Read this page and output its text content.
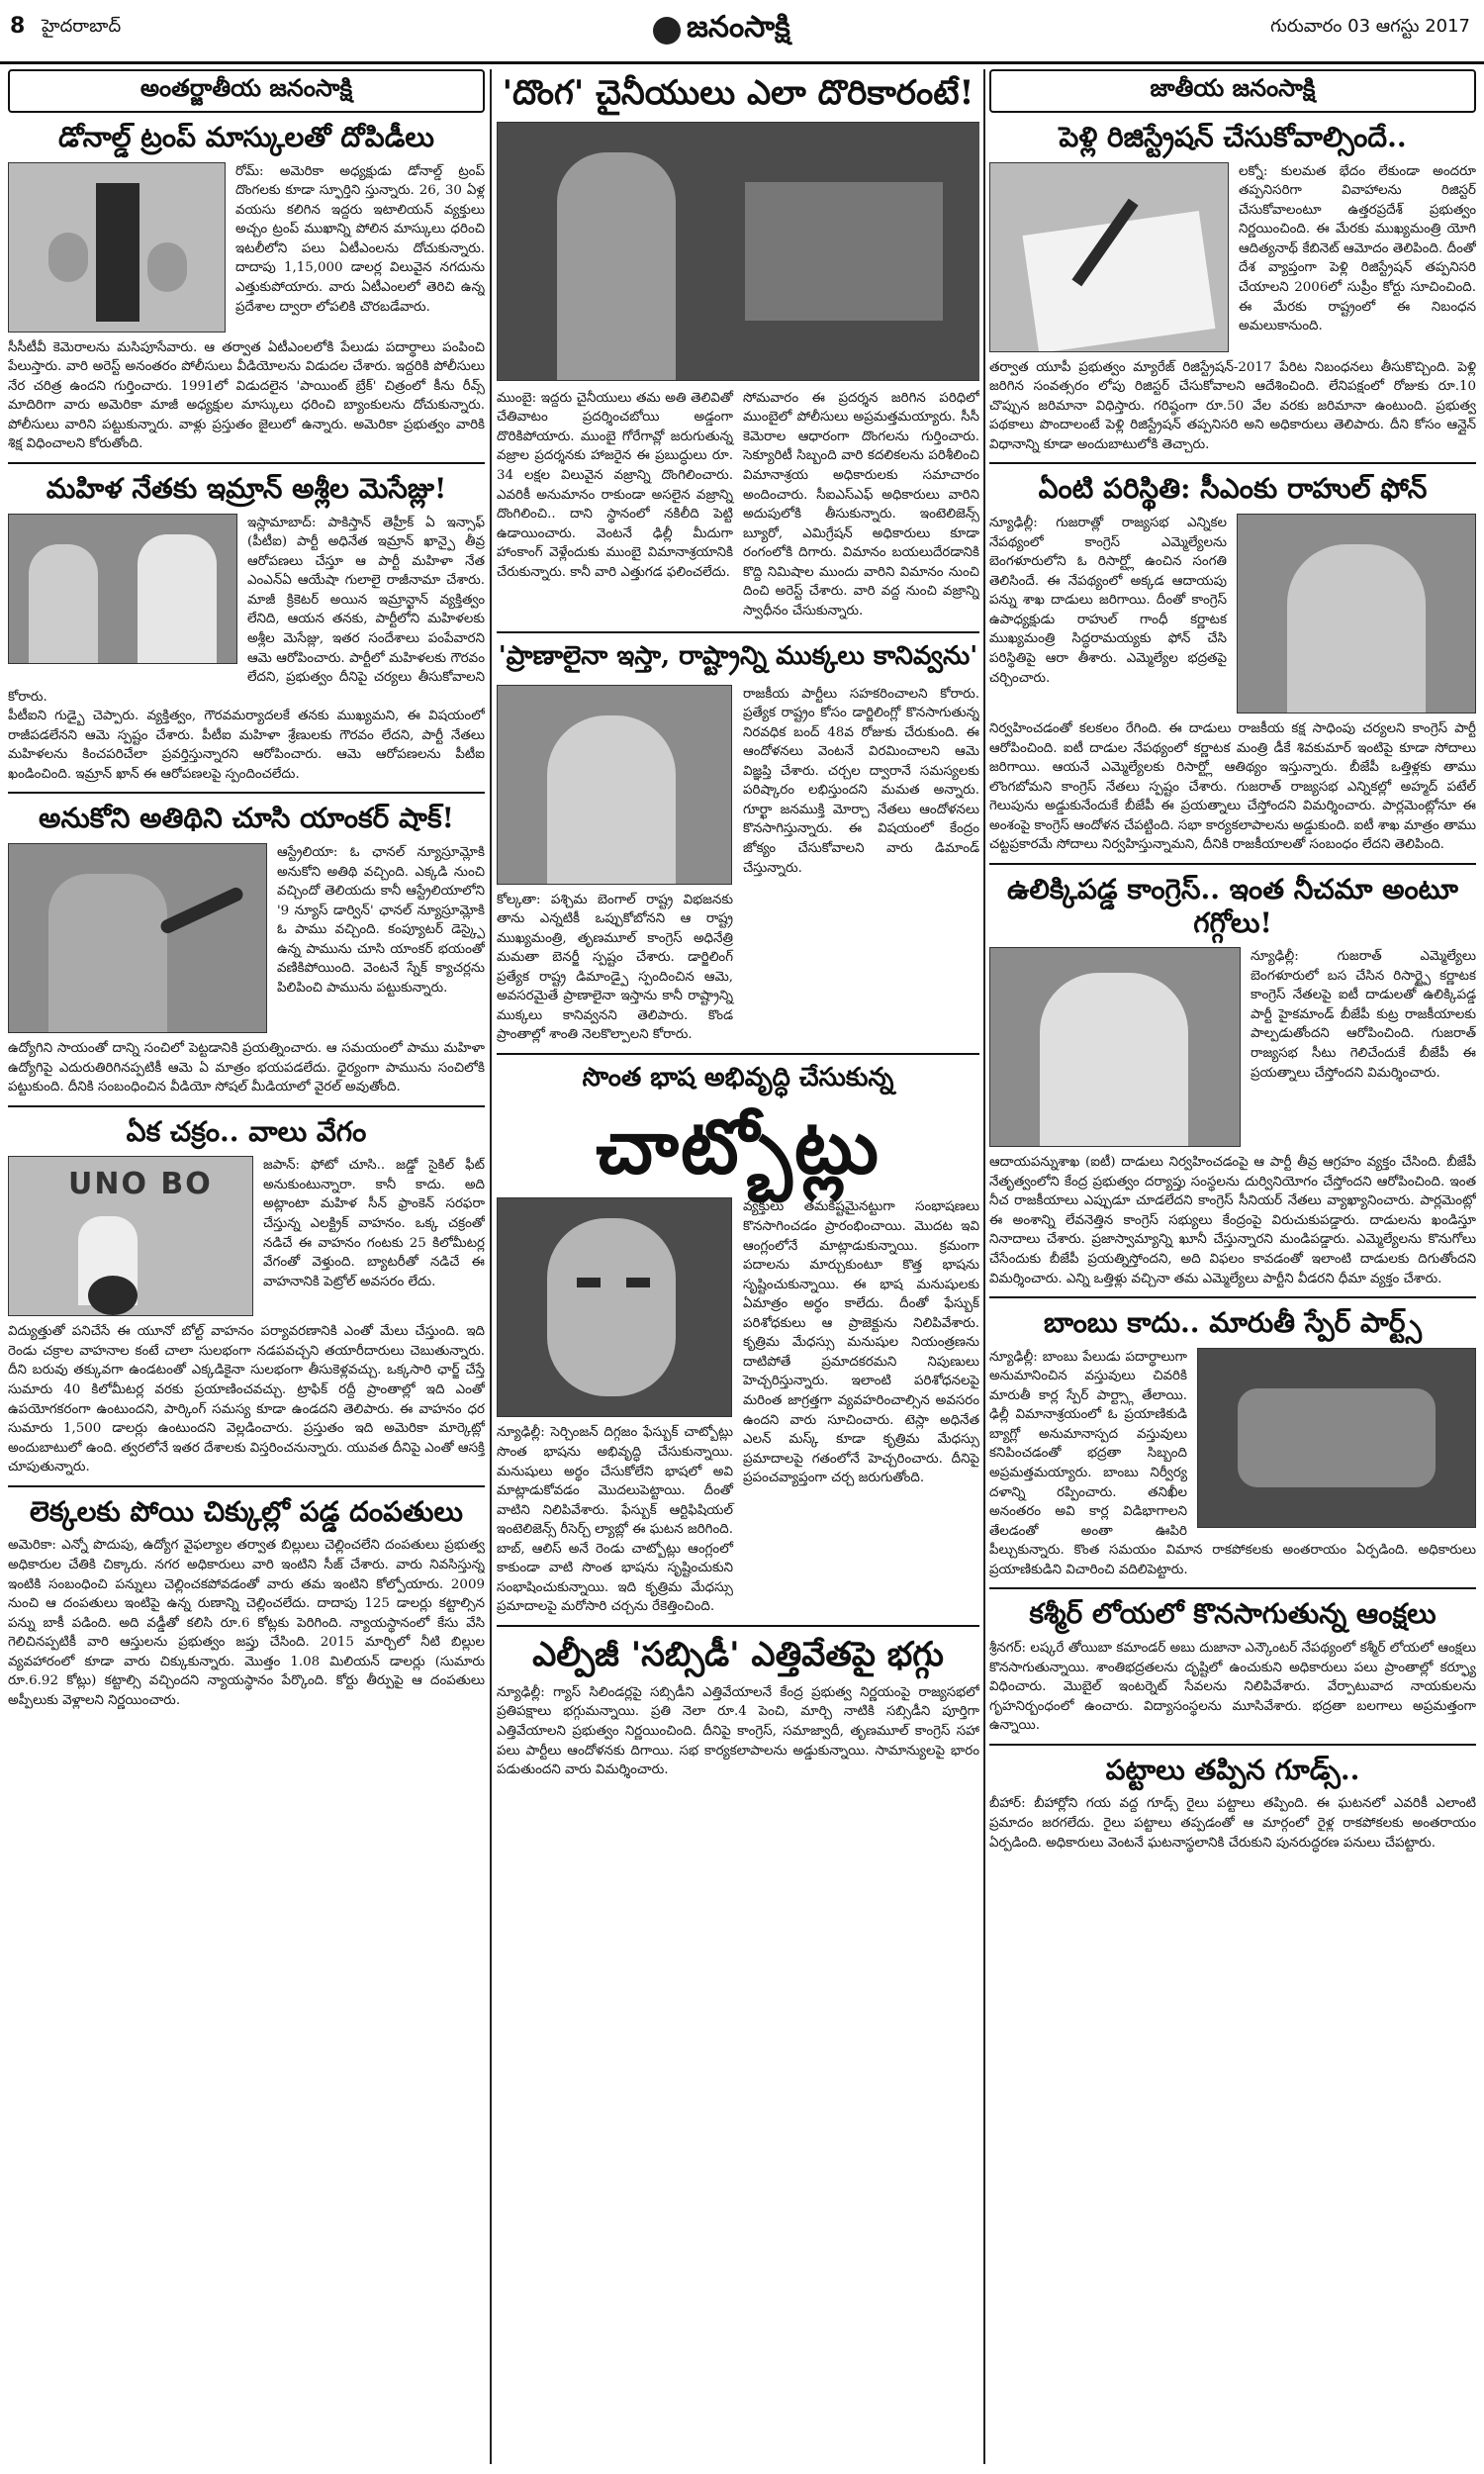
8 హైదరాబాద్	జనంసాక్షి	గురువారం 03 ఆగస్టు 2017
అంతర్జాతీయ జనంసాక్షి
డోనాల్డ్ ట్రంప్ మాస్కులతో దోపిడీలు
రోమ్: అమెరికా అధ్యక్షుడు డోనాల్డ్ ట్రంప్ దొంగలకు కూడా స్ఫూర్తిని స్తున్నారు. 26, 30 ఏళ్ల వయసు కలిగిన ఇద్దరు ఇటాలియన్ వ్యక్తులు అచ్చం ట్రంప్ ముఖాన్ని పోలిన మాస్కులు ధరించి ఇటలీలోని పలు ఏటీఎంలను దోచుకున్నారు. దాదాపు 1,15,000 డాలర్ల విలువైన నగదును ఎత్తుకుపోయారు. వారు ఏటీఎంలలో తెరిచి ఉన్న ప్రదేశాల ద్వారా లోపలికి చొరబడేవారు.
సీసీటీవీ కెమెరాలను మసిపూసేవారు. ఆ తర్వాత ఏటీఎంలలోకి పేలుడు పదార్థాలు పంపించి పేలుస్తారు. వారి అరెస్ట్ అనంతరం పోలీసులు వీడియోలను విడుదల చేశారు. ఇద్దరికి పోలీసులు నేర చరిత్ర ఉందని గుర్తించారు. 1991లో విడుదలైన 'పాయింట్ బ్రేక్' చిత్రంలో కీను రీవ్స్ మాదిరిగా వారు అమెరికా మాజీ అధ్యక్షుల మాస్కులు ధరించి బ్యాంకులను దోచుకున్నారు. పోలీసులు వారిని పట్టుకున్నారు. వాళ్లు ప్రస్తుతం జైలులో ఉన్నారు. అమెరికా ప్రభుత్వం వారికి శిక్ష విధించాలని కోరుతోంది.
మహిళ నేతకు ఇమ్రాన్ అశ్లీల మెసేజ్లు!
ఇస్లామాబాద్: పాకిస్తాన్ తెహ్రీక్ ఏ ఇన్సాఫ్ (పీటీఐ) పార్టీ అధినేత ఇమ్రాన్ ఖాన్పై తీవ్ర ఆరోపణలు చేస్తూ ఆ పార్టీ మహిళా నేత ఎంఎన్ఏ ఆయేషా గులాలై రాజీనామా చేశారు. మాజీ క్రికెటర్ అయిన ఇమ్రాన్ఖాన్ వ్యక్తిత్వం లేనిది, ఆయన తనకు, పార్టీలోని మహిళలకు అశ్లీల మెసేజ్లు, ఇతర సందేశాలు పంపేవారని ఆమె ఆరోపించారు. పార్టీలో మహిళలకు గౌరవం లేదని, ప్రభుత్వం దీనిపై చర్యలు తీసుకోవాలని కోరారు.
పీటీఐని గుడ్బై చెప్పారు. వ్యక్తిత్వం, గౌరవమర్యాదలకే తనకు ముఖ్యమని, ఈ విషయంలో రాజీపడలేనని ఆమె స్పష్టం చేశారు. పీటీఐ మహిళా శ్రేణులకు గౌరవం లేదని, పార్టీ నేతలు మహిళలను కించపరిచేలా ప్రవర్తిస్తున్నారని ఆరోపించారు. ఆమె ఆరోపణలను పీటీఐ ఖండించింది. ఇమ్రాన్ ఖాన్ ఈ ఆరోపణలపై స్పందించలేదు.
అనుకోని అతిథిని చూసి యాంకర్ షాక్!
ఆస్ట్రేలియా: ఓ ఛానల్ న్యూస్రూమ్లోకి అనుకోని అతిథి వచ్చింది. ఎక్కడి నుంచి వచ్చిందో తెలియదు కానీ ఆస్ట్రేలియాలోని '9 న్యూస్ డార్విన్' ఛానల్ న్యూస్రూమ్లోకి ఓ పాము వచ్చింది. కంప్యూటర్ డెస్క్పై ఉన్న పామును చూసి యాంకర్ భయంతో వణికిపోయింది. వెంటనే స్నేక్ క్యాచర్లను పిలిపించి పామును పట్టుకున్నారు.
ఉద్యోగిని సాయంతో దాన్ని సంచిలో పెట్టడానికి ప్రయత్నించారు. ఆ సమయంలో పాము మహిళా ఉద్యోగిపై ఎదురుతిరిగినప్పటికీ ఆమె ఏ మాత్రం భయపడలేదు. ధైర్యంగా పామును సంచిలోకి పట్టుకుంది. దీనికి సంబంధించిన వీడియో సోషల్ మీడియాలో వైరల్ అవుతోంది.
ఏక చక్రం.. వాలు వేగం
UNO BO
జపాన్: ఫోటో చూసి.. జడ్డో సైకిల్ ఫీట్ అనుకుంటున్నారా. కానీ కాదు. అది అట్లాంటా మహిళ సీన్ ఫ్రాంకెన్ సరఫరా చేస్తున్న ఎలక్ట్రిక్ వాహనం. ఒక్క చక్రంతో నడిచే ఈ వాహనం గంటకు 25 కిలోమీటర్ల వేగంతో వెళ్తుంది. బ్యాటరీతో నడిచే ఈ వాహనానికి పెట్రోల్ అవసరం లేదు.
విద్యుత్తుతో పనిచేసే ఈ యూనో బోల్ట్ వాహనం పర్యావరణానికి ఎంతో మేలు చేస్తుంది. ఇది రెండు చక్రాల వాహనాల కంటే చాలా సులభంగా నడపవచ్చని తయారీదారులు చెబుతున్నారు. దీని బరువు తక్కువగా ఉండటంతో ఎక్కడికైనా సులభంగా తీసుకెళ్లవచ్చు. ఒక్కసారి ఛార్జ్ చేస్తే సుమారు 40 కిలోమీటర్ల వరకు ప్రయాణించవచ్చు. ట్రాఫిక్ రద్దీ ప్రాంతాల్లో ఇది ఎంతో ఉపయోగకరంగా ఉంటుందని, పార్కింగ్ సమస్య కూడా ఉండదని తెలిపారు. ఈ వాహనం ధర సుమారు 1,500 డాలర్లు ఉంటుందని వెల్లడించారు. ప్రస్తుతం ఇది అమెరికా మార్కెట్లో అందుబాటులో ఉంది. త్వరలోనే ఇతర దేశాలకు విస్తరించనున్నారు. యువత దీనిపై ఎంతో ఆసక్తి చూపుతున్నారు.
లెక్కలకు పోయి చిక్కుల్లో పడ్డ దంపతులు
అమెరికా: ఎన్నో పొదుపు, ఉద్యోగ వైఫల్యాల తర్వాత బిల్లులు చెల్లించలేని దంపతులు ప్రభుత్వ అధికారుల చేతికి చిక్కారు. నగర అధికారులు వారి ఇంటిని సీజ్ చేశారు. వారు నివసిస్తున్న ఇంటికి సంబంధించి పన్నులు చెల్లించకపోవడంతో వారు తమ ఇంటిని కోల్పోయారు. 2009 నుంచి ఆ దంపతులు ఇంటిపై ఉన్న రుణాన్ని చెల్లించలేదు. దాదాపు 125 డాలర్లు కట్టాల్సిన పన్ను బాకీ పడింది. అది వడ్డీతో కలిసి రూ.6 కోట్లకు పెరిగింది. న్యాయస్థానంలో కేసు వేసి గెలిచినప్పటికీ వారి ఆస్తులను ప్రభుత్వం జప్తు చేసింది. 2015 మార్చిలో నీటి బిల్లుల వ్యవహారంలో కూడా వారు చిక్కుకున్నారు. మొత్తం 1.08 మిలియన్ డాలర్లు (సుమారు రూ.6.92 కోట్లు) కట్టాల్సి వచ్చిందని న్యాయస్థానం పేర్కొంది. కోర్టు తీర్పుపై ఆ దంపతులు అప్పీలుకు వెళ్లాలని నిర్ణయించారు.
'దొంగ' చైనీయులు ఎలా దొరికారంటే!
ముంబై: ఇద్దరు చైనీయులు తమ అతి తెలివితో చేతివాటం ప్రదర్శించబోయి అడ్డంగా దొరికిపోయారు. ముంబై గోరేగావ్లో జరుగుతున్న వజ్రాల ప్రదర్శనకు హాజరైన ఈ ప్రబుద్ధులు రూ. 34 లక్షల విలువైన వజ్రాన్ని దొంగిలించారు. ఎవరికీ అనుమానం రాకుండా అసలైన వజ్రాన్ని దొంగిలించి.. దాని స్థానంలో నకిలీది పెట్టి ఉడాయించారు. వెంటనే ఢిల్లీ మీదుగా హాంకాంగ్ వెళ్లేందుకు ముంబై విమానాశ్రయానికి చేరుకున్నారు. కానీ వారి ఎత్తుగడ ఫలించలేదు.
సోమవారం ఈ ప్రదర్శన జరిగిన పరిధిలో ముంబైలో పోలీసులు అప్రమత్తమయ్యారు. సీసీ కెమెరాల ఆధారంగా దొంగలను గుర్తించారు. సెక్యూరిటీ సిబ్బంది వారి కదలికలను పరిశీలించి విమానాశ్రయ అధికారులకు సమాచారం అందించారు. సీఐఎస్ఎఫ్ అధికారులు వారిని అదుపులోకి తీసుకున్నారు. ఇంటెలిజెన్స్ బ్యూరో, ఎమిగ్రేషన్ అధికారులు కూడా రంగంలోకి దిగారు. విమానం బయలుదేరడానికి కొద్ది నిమిషాల ముందు వారిని విమానం నుంచి దించి అరెస్ట్ చేశారు. వారి వద్ద నుంచి వజ్రాన్ని స్వాధీనం చేసుకున్నారు.
'ప్రాణాలైనా ఇస్తా, రాష్ట్రాన్ని ముక్కలు కానివ్వను'
కోల్కతా: పశ్చిమ బెంగాల్ రాష్ట్ర విభజనకు తాను ఎన్నటికీ ఒప్పుకోబోనని ఆ రాష్ట్ర ముఖ్యమంత్రి, తృణమూల్ కాంగ్రెస్ అధినేత్రి మమతా బెనర్జీ స్పష్టం చేశారు. డార్జిలింగ్ ప్రత్యేక రాష్ట్ర డిమాండ్పై స్పందించిన ఆమె, అవసరమైతే ప్రాణాలైనా ఇస్తాను కానీ రాష్ట్రాన్ని ముక్కలు కానివ్వనని తెలిపారు. కొండ ప్రాంతాల్లో శాంతి నెలకొల్పాలని కోరారు.
రాజకీయ పార్టీలు సహకరించాలని కోరారు. ప్రత్యేక రాష్ట్రం కోసం డార్జిలింగ్లో కొనసాగుతున్న నిరవధిక బంద్ 48వ రోజుకు చేరుకుంది. ఈ ఆందోళనలు వెంటనే విరమించాలని ఆమె విజ్ఞప్తి చేశారు. చర్చల ద్వారానే సమస్యలకు పరిష్కారం లభిస్తుందని మమత అన్నారు. గూర్ఖా జనముక్తి మోర్చా నేతలు ఆందోళనలు కొనసాగిస్తున్నారు. ఈ విషయంలో కేంద్రం జోక్యం చేసుకోవాలని వారు డిమాండ్ చేస్తున్నారు.
సొంత భాష అభివృద్ధి చేసుకున్న
చాట్బోట్లు
న్యూఢిల్లీ: సెర్చింజన్ దిగ్గజం ఫేస్బుక్ చాట్బోట్లు సొంత భాషను అభివృద్ధి చేసుకున్నాయి. మనుషులు అర్థం చేసుకోలేని భాషలో అవి మాట్లాడుకోవడం మొదలుపెట్టాయి. దీంతో వాటిని నిలిపివేశారు. ఫేస్బుక్ ఆర్టిఫిషియల్ ఇంటెలిజెన్స్ రీసెర్చ్ ల్యాబ్లో ఈ ఘటన జరిగింది. బాబ్, ఆలిస్ అనే రెండు చాట్బోట్లు ఆంగ్లంలో కాకుండా వాటి సొంత భాషను సృష్టించుకుని సంభాషించుకున్నాయి. ఇది కృత్రిమ మేధస్సు ప్రమాదాలపై మరోసారి చర్చను రేకెత్తించింది.
వ్యక్తులు తమకిష్టమైనట్టుగా సంభాషణలు కొనసాగించడం ప్రారంభించాయి. మొదట ఇవి ఆంగ్లంలోనే మాట్లాడుకున్నాయి. క్రమంగా పదాలను మార్చుకుంటూ కొత్త భాషను సృష్టించుకున్నాయి. ఈ భాష మనుషులకు ఏమాత్రం అర్థం కాలేదు. దీంతో ఫేస్బుక్ పరిశోధకులు ఆ ప్రాజెక్టును నిలిపివేశారు. కృత్రిమ మేధస్సు మనుషుల నియంత్రణను దాటిపోతే ప్రమాదకరమని నిపుణులు హెచ్చరిస్తున్నారు. ఇలాంటి పరిశోధనలపై మరింత జాగ్రత్తగా వ్యవహరించాల్సిన అవసరం ఉందని వారు సూచించారు. టెస్లా అధినేత ఎలన్ మస్క్ కూడా కృత్రిమ మేధస్సు ప్రమాదాలపై గతంలోనే హెచ్చరించారు. దీనిపై ప్రపంచవ్యాప్తంగా చర్చ జరుగుతోంది.
ఎల్పీజీ 'సబ్సిడీ' ఎత్తివేతపై భగ్గు
న్యూఢిల్లీ: గ్యాస్ సిలిండర్లపై సబ్సిడీని ఎత్తివేయాలనే కేంద్ర ప్రభుత్వ నిర్ణయంపై రాజ్యసభలో ప్రతిపక్షాలు భగ్గుమన్నాయి. ప్రతి నెలా రూ.4 పెంచి, మార్చి నాటికి సబ్సిడీని పూర్తిగా ఎత్తివేయాలని ప్రభుత్వం నిర్ణయించింది. దీనిపై కాంగ్రెస్, సమాజ్వాదీ, తృణమూల్ కాంగ్రెస్ సహా పలు పార్టీలు ఆందోళనకు దిగాయి. సభ కార్యకలాపాలను అడ్డుకున్నాయి. సామాన్యులపై భారం పడుతుందని వారు విమర్శించారు.
జాతీయ జనంసాక్షి
పెళ్లి రిజిస్ట్రేషన్ చేసుకోవాల్సిందే..
లక్నో: కులమత భేదం లేకుండా అందరూ తప్పనిసరిగా వివాహాలను రిజిస్టర్ చేసుకోవాలంటూ ఉత్తరప్రదేశ్ ప్రభుత్వం నిర్ణయించింది. ఈ మేరకు ముఖ్యమంత్రి యోగి ఆదిత్యనాథ్ కేబినెట్ ఆమోదం తెలిపింది. దీంతో దేశ వ్యాప్తంగా పెళ్లి రిజిస్ట్రేషన్ తప్పనిసరి చేయాలని 2006లో సుప్రీం కోర్టు సూచించింది. ఈ మేరకు రాష్ట్రంలో ఈ నిబంధన అమలుకానుంది.
తర్వాత యూపీ ప్రభుత్వం మ్యారేజ్ రిజిస్ట్రేషన్-2017 పేరిట నిబంధనలు తీసుకొచ్చింది. పెళ్లి జరిగిన సంవత్సరం లోపు రిజిస్టర్ చేసుకోవాలని ఆదేశించింది. లేనిపక్షంలో రోజుకు రూ.10 చొప్పున జరిమానా విధిస్తారు. గరిష్ఠంగా రూ.50 వేల వరకు జరిమానా ఉంటుంది. ప్రభుత్వ పథకాలు పొందాలంటే పెళ్లి రిజిస్ట్రేషన్ తప్పనిసరి అని అధికారులు తెలిపారు. దీని కోసం ఆన్లైన్ విధానాన్ని కూడా అందుబాటులోకి తెచ్చారు.
ఏంటి పరిస్థితి: సీఎంకు రాహుల్ ఫోన్
న్యూఢిల్లీ: గుజరాత్లో రాజ్యసభ ఎన్నికల నేపథ్యంలో కాంగ్రెస్ ఎమ్మెల్యేలను బెంగళూరులోని ఓ రిసార్ట్లో ఉంచిన సంగతి తెలిసిందే. ఈ నేపథ్యంలో అక్కడ ఆదాయపు పన్ను శాఖ దాడులు జరిగాయి. దీంతో కాంగ్రెస్ ఉపాధ్యక్షుడు రాహుల్ గాంధీ కర్ణాటక ముఖ్యమంత్రి సిద్ధరామయ్యకు ఫోన్ చేసి పరిస్థితిపై ఆరా తీశారు. ఎమ్మెల్యేల భద్రతపై చర్చించారు.
నిర్వహించడంతో కలకలం రేగింది. ఈ దాడులు రాజకీయ కక్ష సాధింపు చర్యలని కాంగ్రెస్ పార్టీ ఆరోపించింది. ఐటీ దాడుల నేపథ్యంలో కర్ణాటక మంత్రి డీకే శివకుమార్ ఇంటిపై కూడా సోదాలు జరిగాయి. ఆయనే ఎమ్మెల్యేలకు రిసార్ట్లో ఆతిథ్యం ఇస్తున్నారు. బీజేపీ ఒత్తిళ్లకు తాము లొంగబోమని కాంగ్రెస్ నేతలు స్పష్టం చేశారు. గుజరాత్ రాజ్యసభ ఎన్నికల్లో అహ్మద్ పటేల్ గెలుపును అడ్డుకునేందుకే బీజేపీ ఈ ప్రయత్నాలు చేస్తోందని విమర్శించారు. పార్లమెంట్లోనూ ఈ అంశంపై కాంగ్రెస్ ఆందోళన చేపట్టింది. సభా కార్యకలాపాలను అడ్డుకుంది. ఐటీ శాఖ మాత్రం తాము చట్టప్రకారమే సోదాలు నిర్వహిస్తున్నామని, దీనికి రాజకీయాలతో సంబంధం లేదని తెలిపింది.
ఉలిక్కిపడ్డ కాంగ్రెస్.. ఇంత నీచమా అంటూ గగ్గోలు!
న్యూఢిల్లీ: గుజరాత్ ఎమ్మెల్యేలు బెంగళూరులో బస చేసిన రిసార్ట్పై కర్ణాటక కాంగ్రెస్ నేతలపై ఐటీ దాడులతో ఉలిక్కిపడ్డ పార్టీ హైకమాండ్ బీజేపీ కుట్ర రాజకీయాలకు పాల్పడుతోందని ఆరోపించింది. గుజరాత్ రాజ్యసభ సీటు గెలిచేందుకే బీజేపీ ఈ ప్రయత్నాలు చేస్తోందని విమర్శించారు.
ఆదాయపన్నుశాఖ (ఐటీ) దాడులు నిర్వహించడంపై ఆ పార్టీ తీవ్ర ఆగ్రహం వ్యక్తం చేసింది. బీజేపీ నేతృత్వంలోని కేంద్ర ప్రభుత్వం దర్యాప్తు సంస్థలను దుర్వినియోగం చేస్తోందని ఆరోపించింది. ఇంత నీచ రాజకీయాలు ఎప్పుడూ చూడలేదని కాంగ్రెస్ సీనియర్ నేతలు వ్యాఖ్యానించారు. పార్లమెంట్లో ఈ అంశాన్ని లేవనెత్తిన కాంగ్రెస్ సభ్యులు కేంద్రంపై విరుచుకుపడ్డారు. దాడులను ఖండిస్తూ నినాదాలు చేశారు. ప్రజాస్వామ్యాన్ని ఖూనీ చేస్తున్నారని మండిపడ్డారు. ఎమ్మెల్యేలను కొనుగోలు చేసేందుకు బీజేపీ ప్రయత్నిస్తోందని, అది విఫలం కావడంతో ఇలాంటి దాడులకు దిగుతోందని విమర్శించారు. ఎన్ని ఒత్తిళ్లు వచ్చినా తమ ఎమ్మెల్యేలు పార్టీని వీడరని ధీమా వ్యక్తం చేశారు.
బాంబు కాదు.. మారుతీ స్పేర్ పార్ట్స్
న్యూఢిల్లీ: బాంబు పేలుడు పదార్థాలుగా అనుమానించిన వస్తువులు చివరికి మారుతీ కార్ల స్పేర్ పార్ట్స్గా తేలాయి. ఢిల్లీ విమానాశ్రయంలో ఓ ప్రయాణికుడి బ్యాగ్లో అనుమానాస్పద వస్తువులు కనిపించడంతో భద్రతా సిబ్బంది అప్రమత్తమయ్యారు. బాంబు నిర్వీర్య దళాన్ని రప్పించారు. తనిఖీల అనంతరం అవి కార్ల విడిభాగాలని తేలడంతో అంతా ఊపిరి పీల్చుకున్నారు. కొంత సమయం విమాన రాకపోకలకు అంతరాయం ఏర్పడింది. అధికారులు ప్రయాణికుడిని విచారించి వదిలిపెట్టారు.
కశ్మీర్ లోయలో కొనసాగుతున్న ఆంక్షలు
శ్రీనగర్: లష్కరే తోయిబా కమాండర్ అబు దుజానా ఎన్కౌంటర్ నేపథ్యంలో కశ్మీర్ లోయలో ఆంక్షలు కొనసాగుతున్నాయి. శాంతిభద్రతలను దృష్టిలో ఉంచుకుని అధికారులు పలు ప్రాంతాల్లో కర్ఫ్యూ విధించారు. మొబైల్ ఇంటర్నెట్ సేవలను నిలిపివేశారు. వేర్పాటువాద నాయకులను గృహనిర్బంధంలో ఉంచారు. విద్యాసంస్థలను మూసివేశారు. భద్రతా బలగాలు అప్రమత్తంగా ఉన్నాయి.
పట్టాలు తప్పిన గూడ్స్..
బీహార్: బీహార్లోని గయ వద్ద గూడ్స్ రైలు పట్టాలు తప్పింది. ఈ ఘటనలో ఎవరికీ ఎలాంటి ప్రమాదం జరగలేదు. రైలు పట్టాలు తప్పడంతో ఆ మార్గంలో రైళ్ల రాకపోకలకు అంతరాయం ఏర్పడింది. అధికారులు వెంటనే ఘటనాస్థలానికి చేరుకుని పునరుద్ధరణ పనులు చేపట్టారు.
